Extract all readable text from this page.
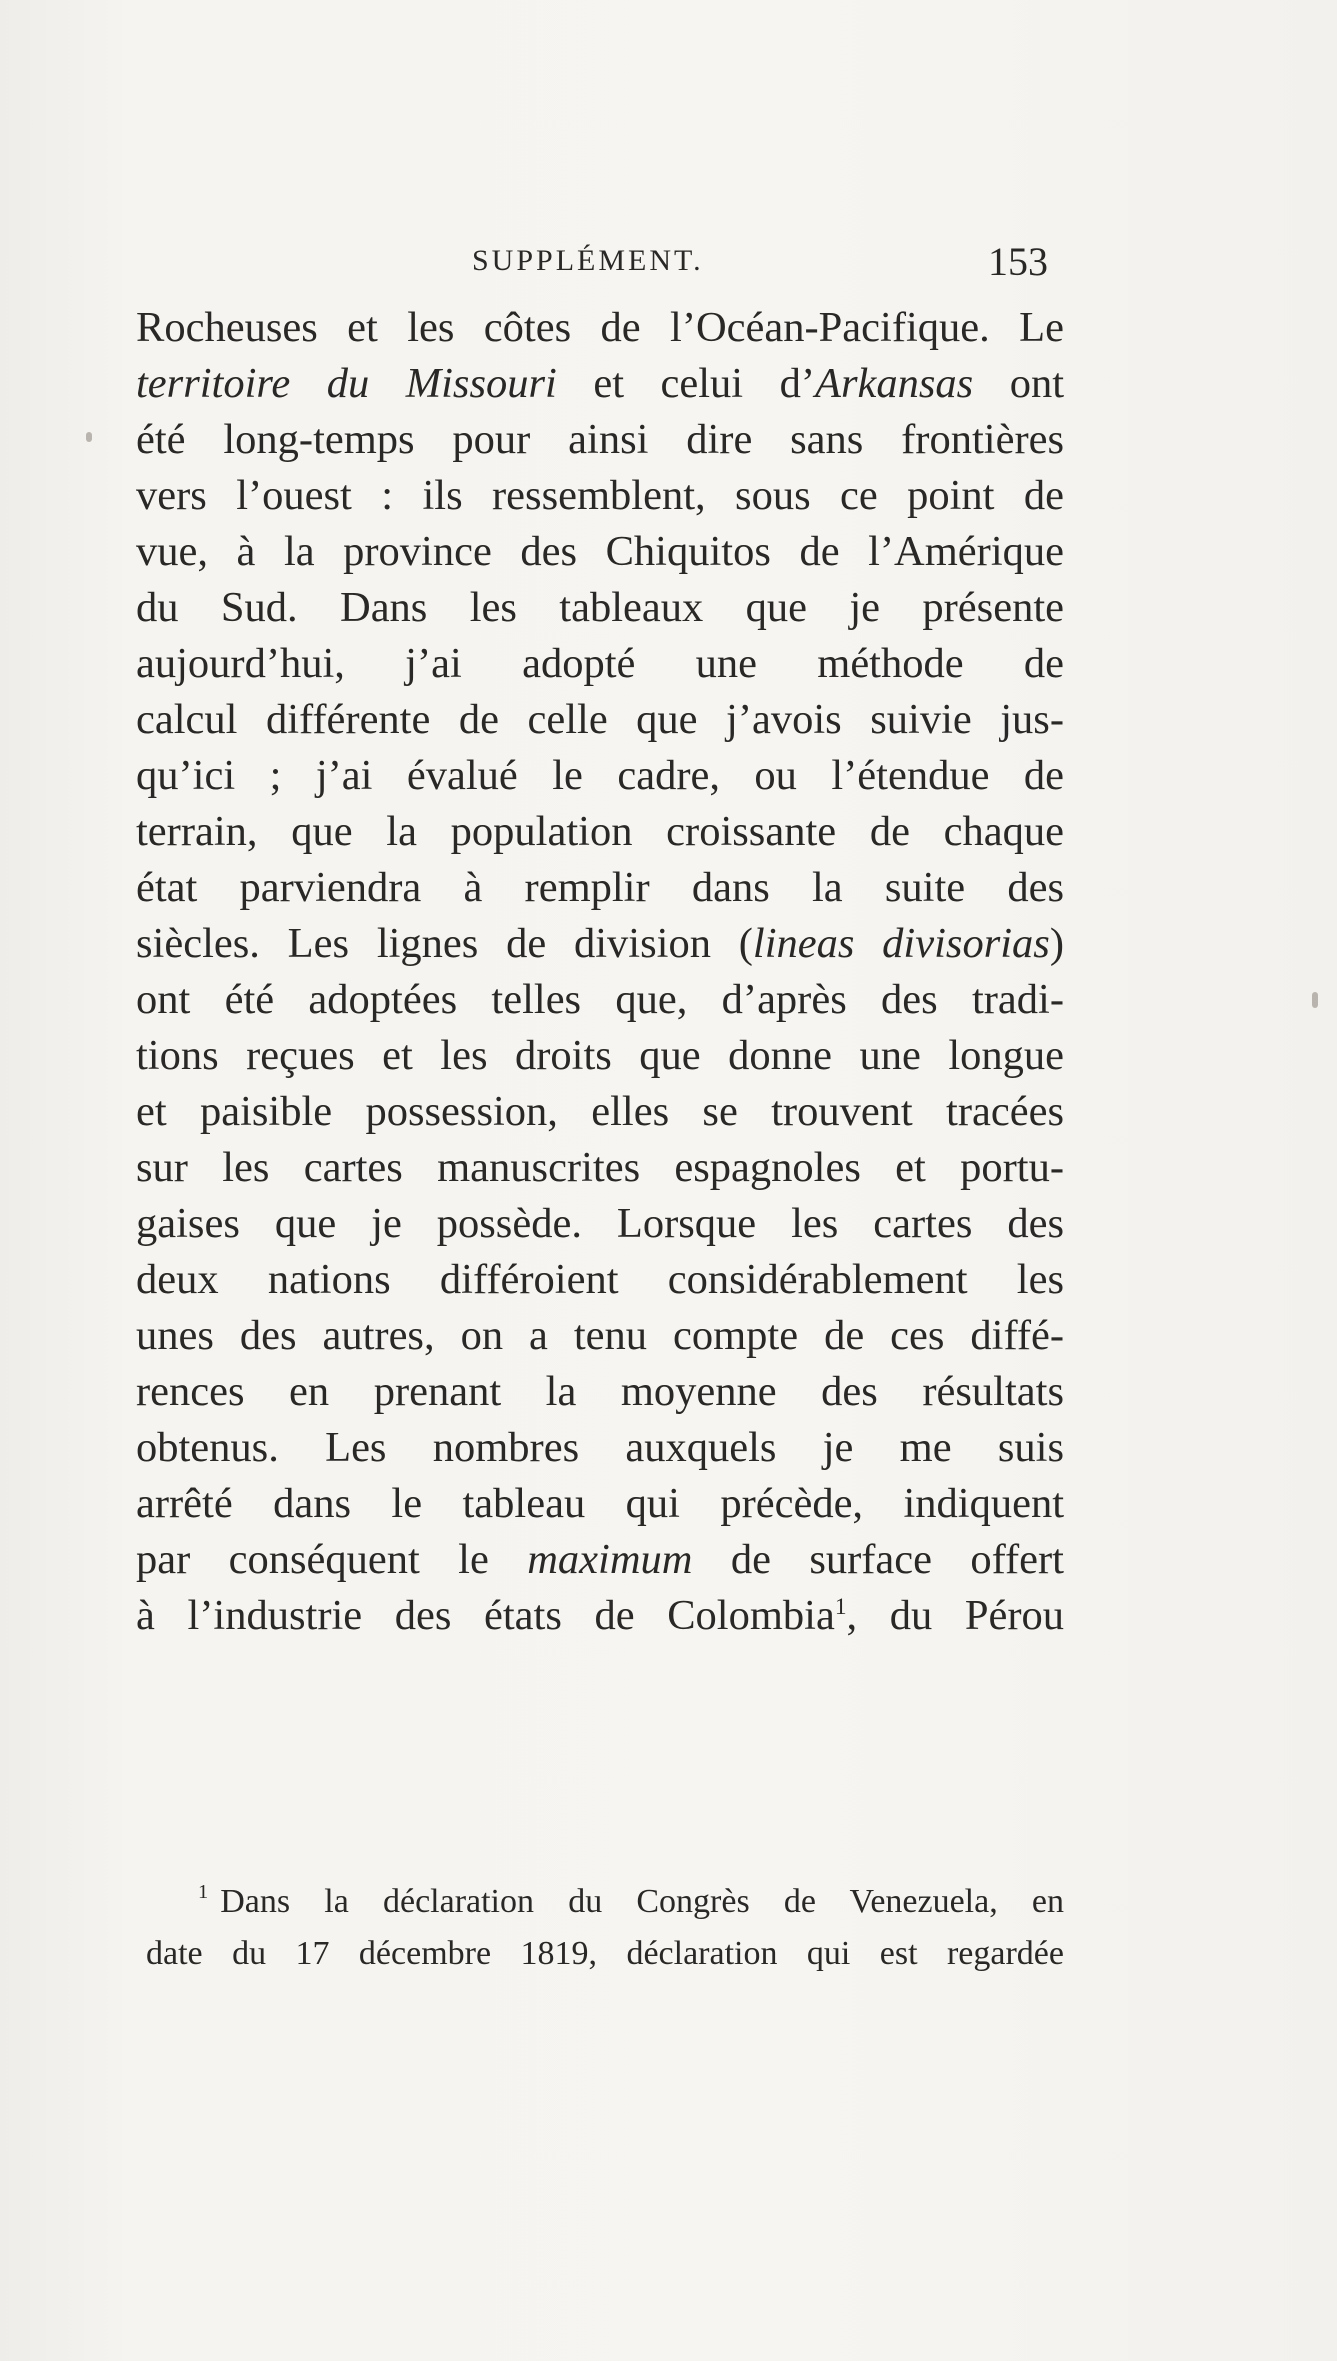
SUPPLÉMENT.	153
Rocheuses et les côtes de l’Océan-Pacifique. Le
territoire du Missouri et celui d’Arkansas ont
été long-temps pour ainsi dire sans frontières
vers l’ouest : ils ressemblent, sous ce point de
vue, à la province des Chiquitos de l’Amérique
du Sud. Dans les tableaux que je présente
aujourd’hui, j’ai adopté une méthode de
calcul différente de celle que j’avois suivie jus-
qu’ici ; j’ai évalué le cadre, ou l’étendue de
terrain, que la population croissante de chaque
état parviendra à remplir dans la suite des
siècles. Les lignes de division (lineas divisorias)
ont été adoptées telles que, d’après des tradi-
tions reçues et les droits que donne une longue
et paisible possession, elles se trouvent tracées
sur les cartes manuscrites espagnoles et portu-
gaises que je possède. Lorsque les cartes des
deux nations différoient considérablement les
unes des autres, on a tenu compte de ces diffé-
rences en prenant la moyenne des résultats
obtenus. Les nombres auxquels je me suis
arrêté dans le tableau qui précède, indiquent
par conséquent le maximum de surface offert
à l’industrie des états de Colombia$^1$, du Pérou
$^1$ Dans la déclaration du Congrès de Venezuela, en
date du 17 décembre 1819, déclaration qui est regardée
